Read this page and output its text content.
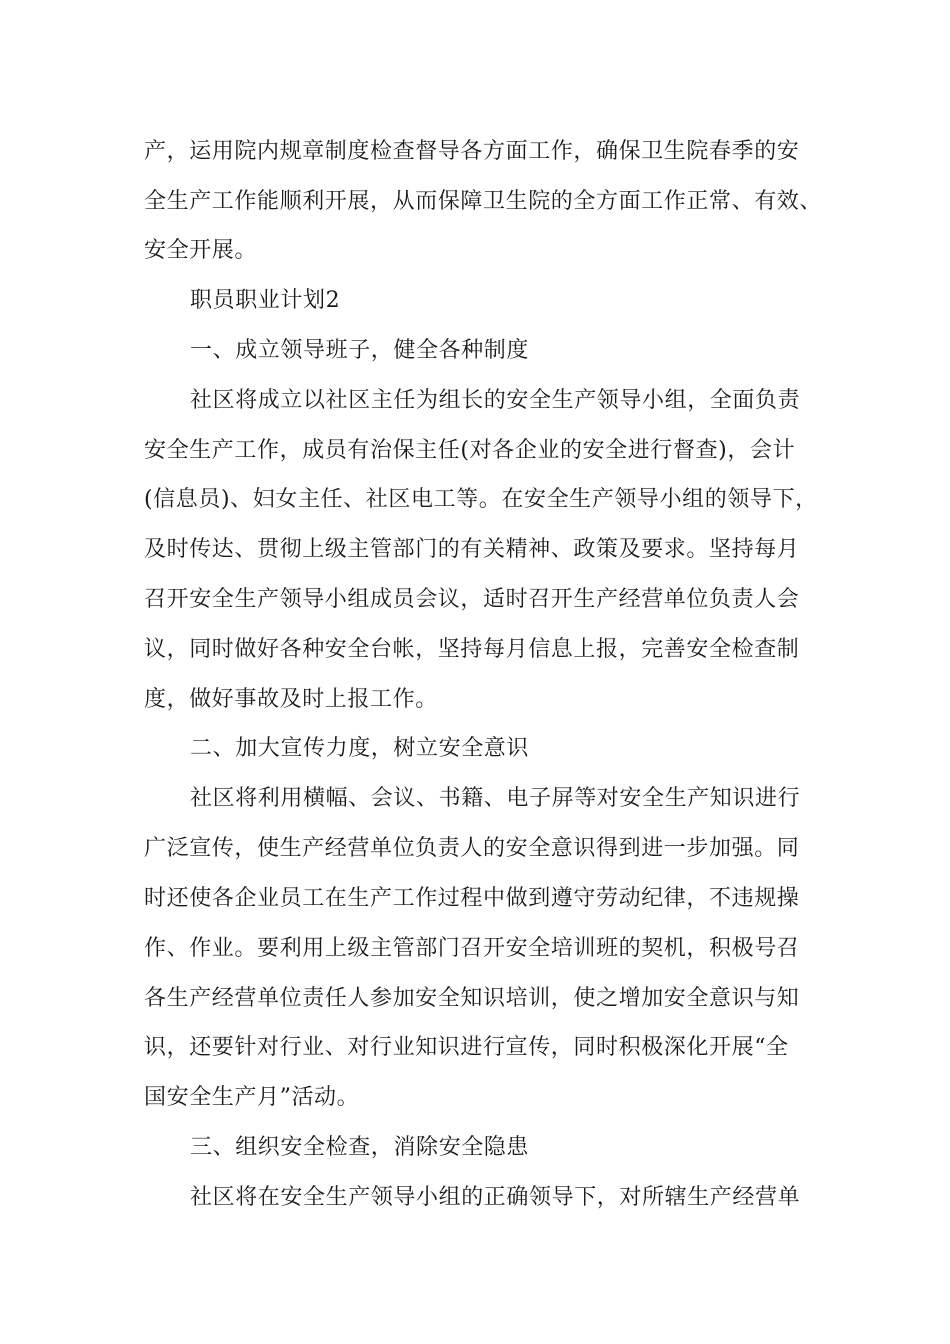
产，运用院内规章制度检查督导各方面工作，确保卫生院春季的安

全生产工作能顺利开展，从而保障卫生院的全方面工作正常、有效、

安全开展。

职员职业计划2

一、成立领导班子，健全各种制度

社区将成立以社区主任为组长的安全生产领导小组，全面负责

安全生产工作，成员有治保主任(对各企业的安全进行督查)，会计

(信息员)、妇女主任、社区电工等。在安全生产领导小组的领导下，

及时传达、贯彻上级主管部门的有关精神、政策及要求。坚持每月

召开安全生产领导小组成员会议，适时召开生产经营单位负责人会

议，同时做好各种安全台帐，坚持每月信息上报，完善安全检查制

度，做好事故及时上报工作。

二、加大宣传力度，树立安全意识

社区将利用横幅、会议、书籍、电子屏等对安全生产知识进行

广泛宣传，使生产经营单位负责人的安全意识得到进一步加强。同

时还使各企业员工在生产工作过程中做到遵守劳动纪律，不违规操

作、作业。要利用上级主管部门召开安全培训班的契机，积极号召

各生产经营单位责任人参加安全知识培训，使之增加安全意识与知

识，还要针对行业、对行业知识进行宣传，同时积极深化开展“全

国安全生产月”活动。

三、组织安全检查，消除安全隐患

社区将在安全生产领导小组的正确领导下，对所辖生产经营单
